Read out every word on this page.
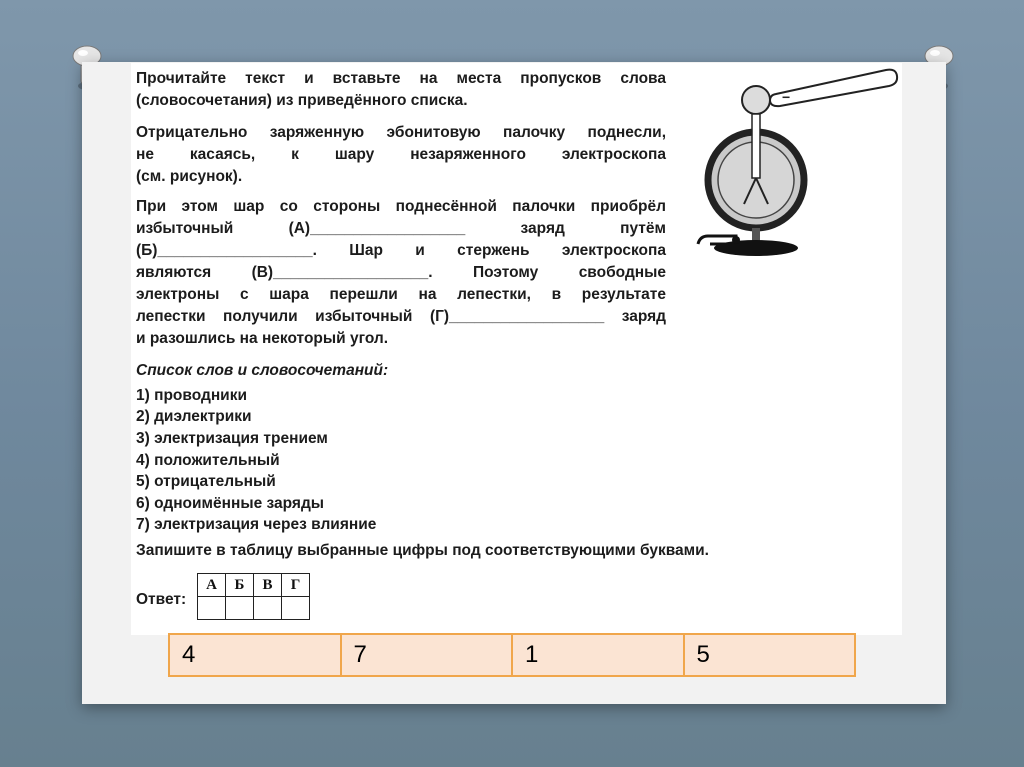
Прочитайте текст и вставьте на места пропусков слова
(словосочетания) из приведённого списка.
Отрицательно заряженную эбонитовую палочку поднесли,
не касаясь, к шару незаряженного электроскопа
(см. рисунок).
При этом шар со стороны поднесённой палочки приобрёл
избыточный (А)__________________ заряд путём
(Б)__________________. Шар и стержень электроскопа
являются (В)__________________. Поэтому свободные
электроны с шара перешли на лепестки, в результате
лепестки получили избыточный (Г)__________________ заряд
и разошлись на некоторый угол.
Список слов и словосочетаний:
1) проводники
2) диэлектрики
3) электризация трением
4) положительный
5) отрицательный
6) одноимённые заряды
7) электризация через влияние
Запишите в таблицу выбранные цифры под соответствующими буквами.
Ответ:
А	Б	В	Г

−
4	7	1	5
